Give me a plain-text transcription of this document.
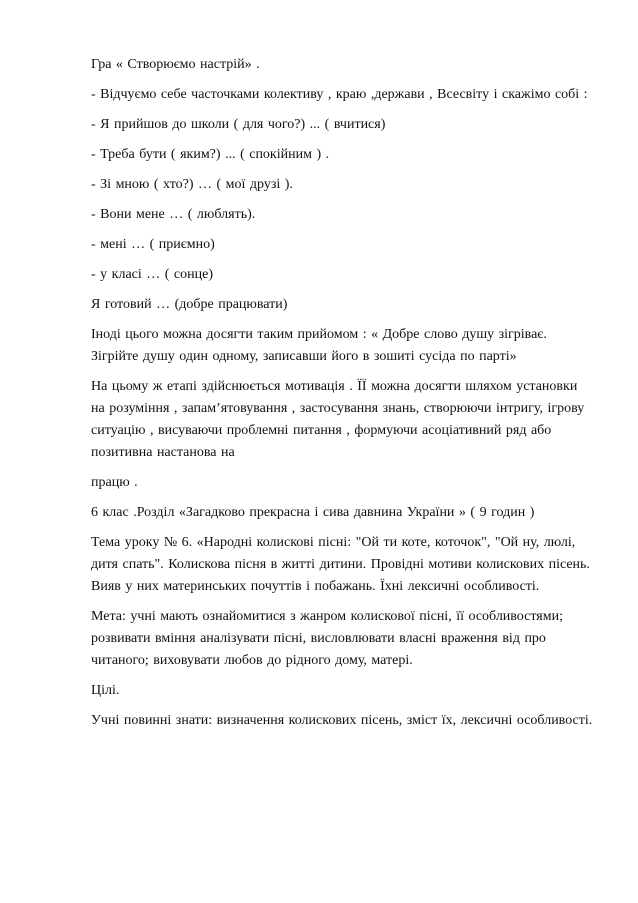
Гра « Створюємо настрій» .

- Відчуємо себе часточками колективу , краю ,держави , Всесвіту і скажімо собі :

- Я прийшов до школи ( для чого?) ... ( вчитися)

- Треба бути ( яким?) ... ( спокійним ) .

- Зі мною ( хто?) … ( мої друзі ).

- Вони мене … ( люблять).

- мені … ( приємно)

- у класі … ( сонце)

Я готовий … (добре працювати)

Іноді цього можна досягти таким прийомом : « Добре слово душу зігріває. Зігрійте душу один одному, записавши його в зошиті сусіда по парті»

На цьому ж етапі здійснюється мотивація . ЇЇ можна досягти шляхом установки на розуміння , запам’ятовування , застосування знань, створюючи інтригу, ігрову ситуацію , висуваючи проблемні питання , формуючи асоціативний ряд або позитивна настанова на

працю .

6 клас .Розділ «Загадково прекрасна і сива давнина України » ( 9 годин )

Тема уроку № 6. «Народні колискові пісні: "Ой ти коте, коточок", "Ой ну, люлі, дитя спать". Колискова пісня в житті дитини. Провідні мотиви колискових пісень. Вияв у них материнських почуттів і побажань. Їхні лексичні особливості.

Мета: учні мають ознайомитися з жанром колискової пісні, її особливостями; розвивати вміння аналізувати пісні, висловлювати власні враження від про читаного; виховувати любов до рідного дому, матері.

Цілі.

Учні повинні знати: визначення колискових пісень, зміст їх, лексичні особливості.
